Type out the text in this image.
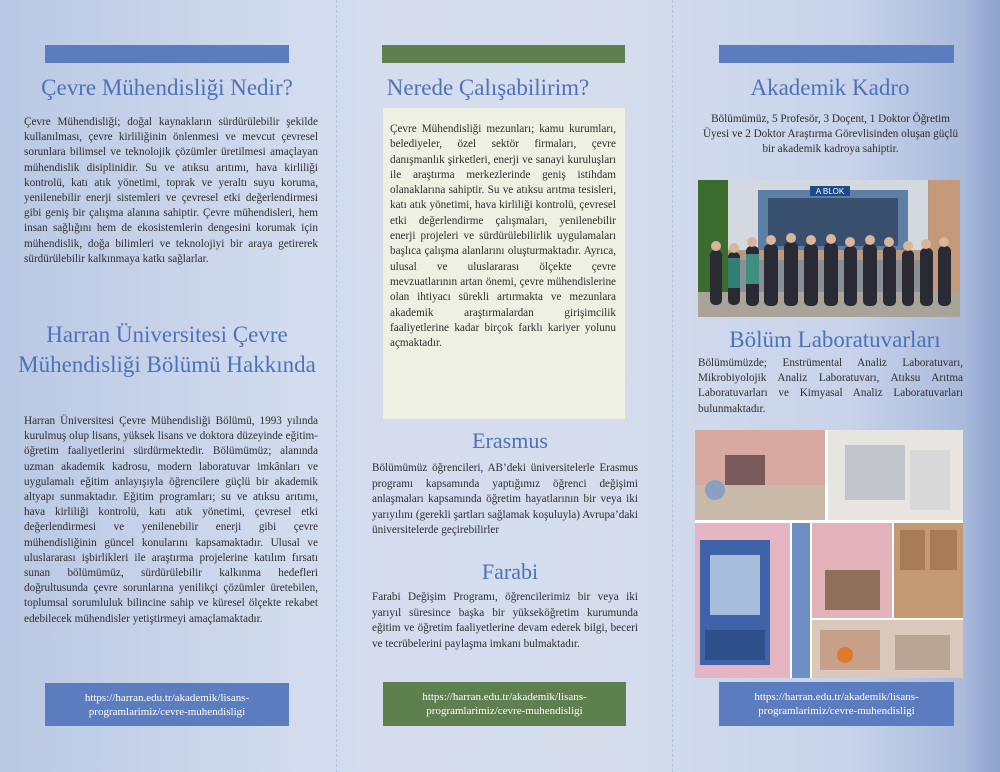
Çevre Mühendisliği Nedir?

Çevre Mühendisliği; doğal kaynakların sürdürülebilir şekilde kullanılması, çevre kirliliğinin önlenmesi ve mevcut çevresel sorunlara bilimsel ve teknolojik çözümler üretilmesi amaçlayan mühendislik disiplinidir. Su ve atıksu arıtımı, hava kirliliği kontrolü, katı atık yönetimi, toprak ve yeraltı suyu koruma, yenilenebilir enerji sistemleri ve çevresel etki değerlendirmesi gibi geniş bir çalışma alanına sahiptir. Çevre mühendisleri, hem insan sağlığını hem de ekosistemlerin dengesini korumak için mühendislik, doğa bilimleri ve teknolojiyi bir araya getirerek sürdürülebilir kalkınmaya katkı sağlarlar.

Harran Üniversitesi Çevre Mühendisliği Bölümü Hakkında

Harran Üniversitesi Çevre Mühendisliği Bölümü, 1993 yılında kurulmuş olup lisans, yüksek lisans ve doktora düzeyinde eğitim-öğretim faaliyetlerini sürdürmektedir. Bölümümüz; alanında uzman akademik kadrosu, modern laboratuvar imkânları ve uygulamalı eğitim anlayışıyla öğrencilere güçlü bir akademik altyapı sunmaktadır. Eğitim programları; su ve atıksu arıtımı, hava kirliliği kontrolü, katı atık yönetimi, çevresel etki değerlendirmesi ve yenilenebilir enerji gibi çevre mühendisliğinin güncel konularını kapsamaktadır. Ulusal ve uluslararası işbirlikleri ile araştırma projelerine katılım fırsatı sunan bölümümüz, sürdürülebilir kalkınma hedefleri doğrultusunda çevre sorunlarına yenilikçi çözümler üretebilen, toplumsal sorumluluk bilincine sahip ve küresel ölçekte rekabet edebilecek mühendisler yetiştirmeyi amaçlamaktadır.

https://harran.edu.tr/akademik/lisans-programlarimiz/cevre-muhendisligi
Nerede Çalışabilirim?

Çevre Mühendisliği mezunları; kamu kurumları, belediyeler, özel sektör firmaları, çevre danışmanlık şirketleri, enerji ve sanayi kuruluşları ile araştırma merkezlerinde geniş istihdam olanaklarına sahiptir. Su ve atıksu arıtma tesisleri, katı atık yönetimi, hava kirliliği kontrolü, çevresel etki değerlendirme çalışmaları, yenilenebilir enerji projeleri ve sürdürülebilirlik uygulamaları başlıca çalışma alanlarını oluşturmaktadır. Ayrıca, ulusal ve uluslararası ölçekte çevre mevzuatlarının artan önemi, çevre mühendislerine olan ihtiyacı sürekli artırmakta ve mezunlara akademik araştırmalardan girişimcilik faaliyetlerine kadar birçok farklı kariyer yolunu açmaktadır.

Erasmus

Bölümümüz öğrencileri, AB’deki üniversitelerle Erasmus programı kapsamında yaptığımız öğrenci değişimi anlaşmaları kapsamında öğretim hayatlarının bir veya iki yarıyılını (gerekli şartları sağlamak koşuluyla) Avrupa’daki üniversitelerde geçirebilirler

Farabi

Farabi Değişim Programı, öğrencilerimiz bir veya iki yarıyıl süresince başka bir yükseköğretim kurumunda eğitim ve öğretim faaliyetlerine devam ederek bilgi, beceri ve tecrübelerini paylaşma imkanı bulmaktadır.

https://harran.edu.tr/akademik/lisans-programlarimiz/cevre-muhendisligi
Akademik Kadro

Bölümümüz, 5 Profesör, 3 Doçent, 1 Doktor Öğretim Üyesi ve 2 Doktor Araştırma Görevlisinden oluşan güçlü bir akademik kadroya sahiptir.

A BLOK
Bölüm Laboratuvarları

Bölümümüzde; Enstrümental Analiz Laboratuvarı, Mikrobiyolojik Analiz Laboratuvarı, Atıksu Arıtma Laboratuvarları ve Kimyasal Analiz Laboratuvarları bulunmaktadır.

https://harran.edu.tr/akademik/lisans-programlarimiz/cevre-muhendisligi
